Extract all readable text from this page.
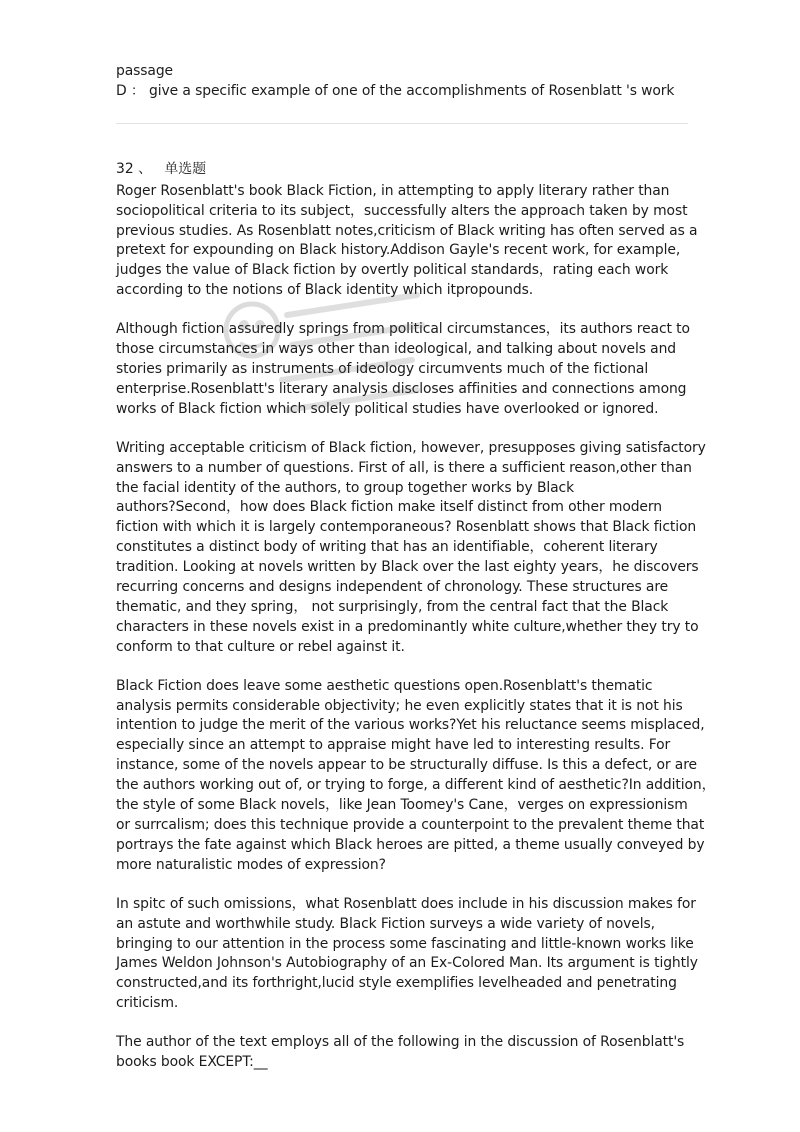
passage
D ： give a specific example of one of the accomplishments of Rosenblatt 's work
32 、 单选题
Roger Rosenblatt's book Black Fiction, in attempting to apply literary rather than
sociopolitical criteria to its subject，successfully alters the approach taken by most
previous studies. As Rosenblatt notes,criticism of Black writing has often served as a
pretext for expounding on Black history.Addison Gayle's recent work, for example,
judges the value of Black fiction by overtly political standards，rating each work
according to the notions of Black identity which itpropounds.
Although fiction assuredly springs from political circumstances，its authors react to
those circumstances in ways other than ideological, and talking about novels and
stories primarily as instruments of ideology circumvents much of the fictional
enterprise.Rosenblatt's literary analysis discloses affinities and connections among
works of Black fiction which solely political studies have overlooked or ignored.
Writing acceptable criticism of Black fiction, however, presupposes giving satisfactory
answers to a number of questions. First of all, is there a sufficient reason,other than
the facial identity of the authors, to group together works by Black
authors?Second，how does Black fiction make itself distinct from other modern
fiction with which it is largely contemporaneous? Rosenblatt shows that Black fiction
constitutes a distinct body of writing that has an identifiable，coherent literary
tradition. Looking at novels written by Black over the last eighty years，he discovers
recurring concerns and designs independent of chronology. These structures are
thematic, and they spring， not surprisingly, from the central fact that the Black
characters in these novels exist in a predominantly white culture,whether they try to
conform to that culture or rebel against it.
Black Fiction does leave some aesthetic questions open.Rosenblatt's thematic
analysis permits considerable objectivity; he even explicitly states that it is not his
intention to judge the merit of the various works?Yet his reluctance seems misplaced,
especially since an attempt to appraise might have led to interesting results. For
instance, some of the novels appear to be structurally diffuse. Is this a defect, or are
the authors working out of, or trying to forge, a different kind of aesthetic?In addition，
the style of some Black novels，like Jean Toomey's Cane，verges on expressionism
or surrcalism; does this technique provide a counterpoint to the prevalent theme that
portrays the fate against which Black heroes are pitted, a theme usually conveyed by
more naturalistic modes of expression?
In spitc of such omissions，what Rosenblatt does include in his discussion makes for
an astute and worthwhile study. Black Fiction surveys a wide variety of novels,
bringing to our attention in the process some fascinating and little-known works like
James Weldon Johnson's Autobiography of an Ex-Colored Man. Its argument is tightly
constructed,and its forthright,lucid style exemplifies levelheaded and penetrating
criticism.
The author of the text employs all of the following in the discussion of Rosenblatt's
books book EXCEPT:__
